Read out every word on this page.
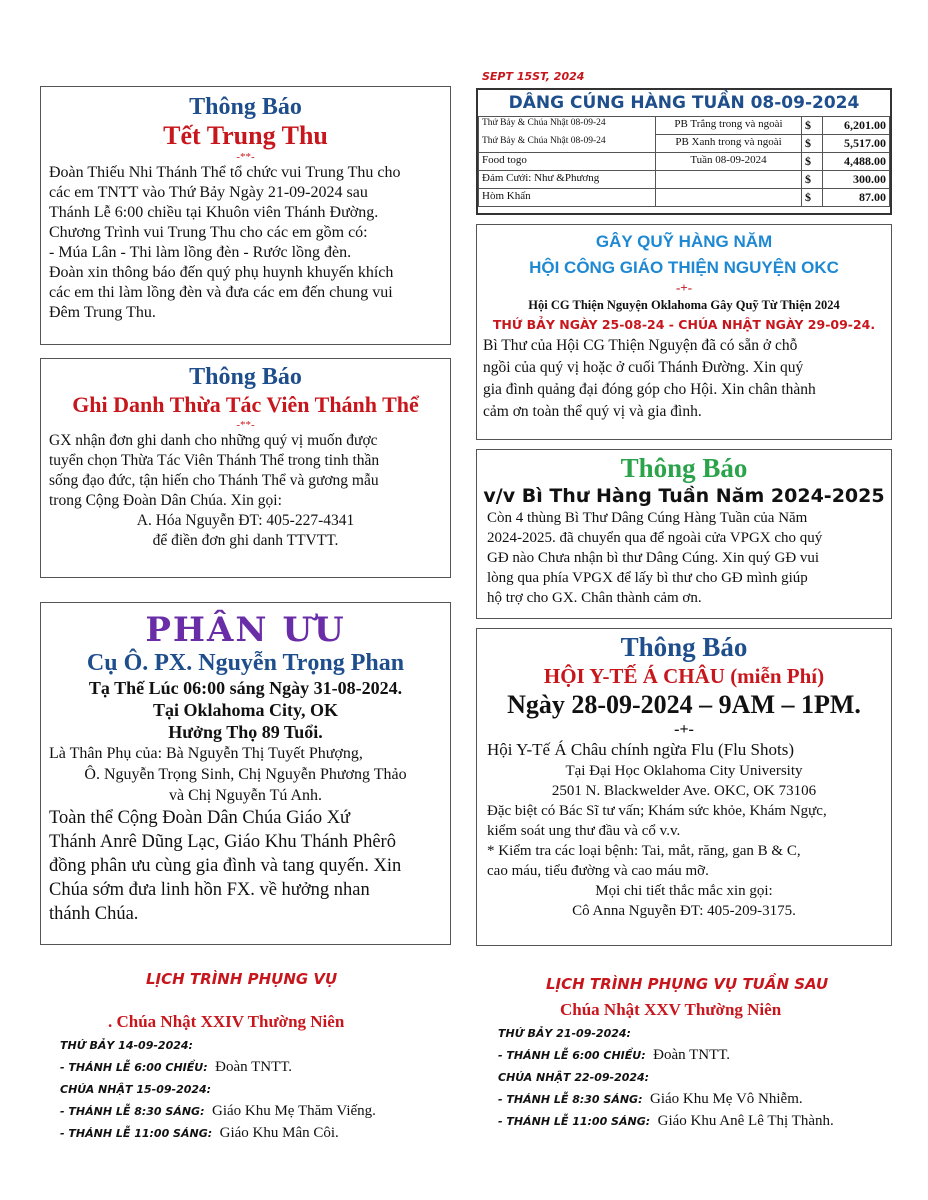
Thông Báo
Tết Trung Thu
-**-
Đoàn Thiếu Nhi Thánh Thể tổ chức vui Trung Thu cho
các em TNTT vào Thứ Bảy Ngày 21-09-2024 sau
Thánh Lễ 6:00 chiều tại Khuôn viên Thánh Đường.
Chương Trình vui Trung Thu cho các em gồm có:
- Múa Lân - Thi làm lồng đèn - Rước lồng đèn.
Đoàn xin thông báo đến quý phụ huynh khuyến khích
các em thi làm lồng đèn và đưa các em đến chung vui
Đêm Trung Thu.
Thông Báo
Ghi Danh Thừa Tác Viên Thánh Thể
-**-
GX nhận đơn ghi danh cho những quý vị muốn được
tuyển chọn Thừa Tác Viên Thánh Thể trong tinh thần
sống đạo đức, tận hiến cho Thánh Thể và gương mẫu
trong Cộng Đoàn Dân Chúa. Xin gọi:
A. Hóa Nguyễn ĐT: 405-227-4341
để điền đơn ghi danh TTVTT.
PHÂN ƯU
Cụ Ô. PX. Nguyễn Trọng Phan
Tạ Thế Lúc 06:00 sáng Ngày 31-08-2024.
Tại Oklahoma City, OK
Hưởng Thọ 89 Tuổi.
Là Thân Phụ của: Bà Nguyễn Thị Tuyết Phượng,
Ô. Nguyễn Trọng Sinh, Chị Nguyễn Phương Thảo
và Chị Nguyễn Tú Anh.
Toàn thể Cộng Đoàn Dân Chúa Giáo Xứ
Thánh Anrê Dũng Lạc, Giáo Khu Thánh Phêrô
đồng phân ưu cùng gia đình và tang quyến. Xin
Chúa sớm đưa linh hồn FX. về hưởng nhan
thánh Chúa.
SEPT 15ST, 2024
DÂNG CÚNG HÀNG TUẦN 08-09-2024
Thứ Bảy & Chúa Nhật 08-09-24	PB Trắng trong và ngoài	$	6,201.00
Thứ Bảy & Chúa Nhật 08-09-24	PB Xanh trong và ngoài	$	5,517.00
Food togo	Tuần 08-09-2024	$	4,488.00
Đám Cưới: Như &Phương		$	300.00
Hòm Khấn		$	87.00
GÂY QUỸ HÀNG NĂM
HỘI CÔNG GIÁO THIỆN NGUYỆN OKC
-+-
Hội CG Thiện Nguyện Oklahoma Gây Quỹ Từ Thiện 2024
THỨ BẢY NGÀY 25-08-24 - CHÚA NHẬT NGÀY 29-09-24.
Bì Thư của Hội CG Thiện Nguyện đã có sẵn ở chỗ
ngồi của quý vị hoặc ở cuối Thánh Đường. Xin quý
gia đình quảng đại đóng góp cho Hội. Xin chân thành
cảm ơn toàn thể quý vị và gia đình.
Thông Báo
v/v Bì Thư Hàng Tuần Năm 2024-2025
Còn 4 thùng Bì Thư Dâng Cúng Hàng Tuần của Năm
2024-2025. đã chuyển qua để ngoài cửa VPGX cho quý
GĐ nào Chưa nhận bì thư Dâng Cúng. Xin quý GĐ vui
lòng qua phía VPGX để lấy bì thư cho GĐ mình giúp
hộ trợ cho GX. Chân thành cảm ơn.
Thông Báo
HỘI Y-TẾ Á CHÂU (miễn Phí)
Ngày 28-09-2024 – 9AM – 1PM.
-+-
Hội Y-Tế Á Châu chính ngừa Flu (Flu Shots)
Tại Đại Học Oklahoma City University
2501 N. Blackwelder Ave. OKC, OK 73106
Đặc biệt có Bác Sĩ tư vấn; Khám sức khỏe, Khám Ngực,
kiểm soát ung thư đầu và cổ v.v.
* Kiểm tra các loại bệnh: Tai, mắt, răng, gan B & C,
cao máu, tiểu đường và cao máu mỡ.
Mọi chi tiết thắc mắc xin gọi:
Cô Anna Nguyễn ĐT: 405-209-3175.
LỊCH TRÌNH PHỤNG VỤ
. Chúa Nhật XXIV Thường Niên
THỨ BẢY 14-09-2024:
- THÁNH LỄ 6:00 CHIỀU: Đoàn TNTT.
CHÚA NHẬT 15-09-2024:
- THÁNH LỄ 8:30 SÁNG: Giáo Khu Mẹ Thăm Viếng.
- THÁNH LỄ 11:00 SÁNG: Giáo Khu Mân Côi.
LỊCH TRÌNH PHỤNG VỤ TUẦN SAU
Chúa Nhật XXV Thường Niên
THỨ BẢY 21-09-2024:
- THÁNH LỄ 6:00 CHIỀU: Đoàn TNTT.
CHÚA NHẬT 22-09-2024:
- THÁNH LỄ 8:30 SÁNG: Giáo Khu Mẹ Vô Nhiễm.
- THÁNH LỄ 11:00 SÁNG: Giáo Khu Anê Lê Thị Thành.
